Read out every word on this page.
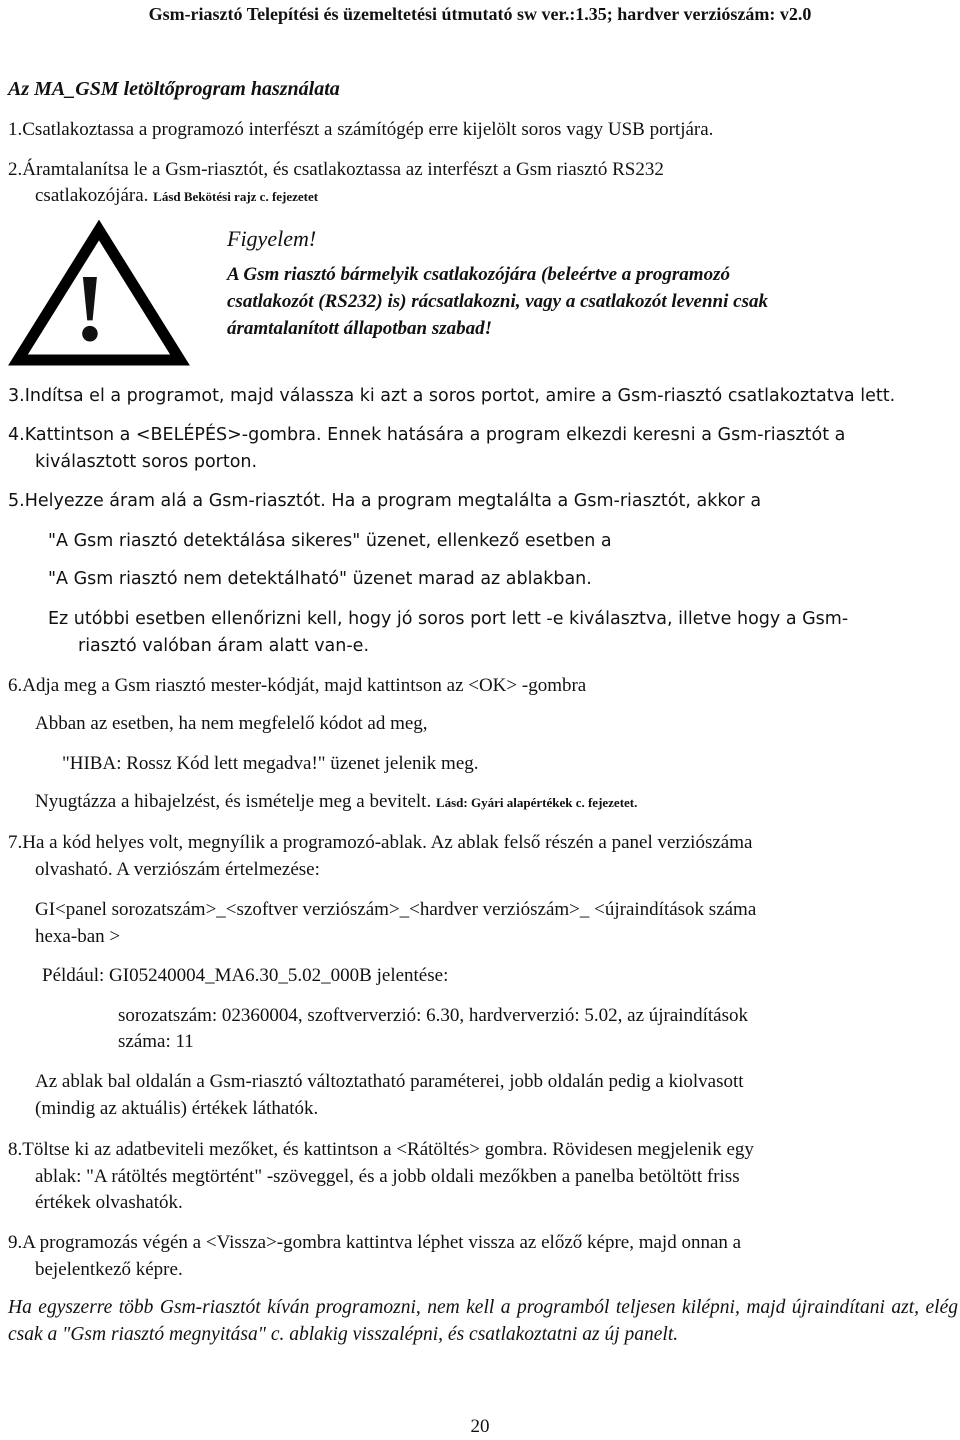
Gsm-riasztó Telepítési és üzemeltetési útmutató sw ver.:1.35; hardver verziószám: v2.0
Az MA_GSM letöltőprogram használata
1.Csatlakoztassa a programozó interfészt a számítógép erre kijelölt soros vagy USB portjára.
2.Áramtalanítsa le a Gsm-riasztót, és csatlakoztassa az interfészt a Gsm riasztó RS232
csatlakozójára. Lásd Bekötési rajz c. fejezetet
!
Figyelem!
A Gsm riasztó bármelyik csatlakozójára (beleértve a programozó
csatlakozót (RS232) is) rácsatlakozni, vagy a csatlakozót levenni csak
áramtalanított állapotban szabad!
3.Indítsa el a programot, majd válassza ki azt a soros portot, amire a Gsm-riasztó csatlakoztatva lett.
4.Kattintson a <BELÉPÉS>-gombra. Ennek hatására a program elkezdi keresni a Gsm-riasztót a
kiválasztott soros porton.
5.Helyezze áram alá a Gsm-riasztót. Ha a program megtalálta a Gsm-riasztót, akkor a
"A Gsm riasztó detektálása sikeres" üzenet, ellenkező esetben a
"A Gsm riasztó nem detektálható" üzenet marad az ablakban.
Ez utóbbi esetben ellenőrizni kell, hogy jó soros port lett -e kiválasztva, illetve hogy a Gsm-
riasztó valóban áram alatt van-e.
6.Adja meg a Gsm riasztó mester-kódját, majd kattintson az <OK> -gombra
Abban az esetben, ha nem megfelelő kódot ad meg,
"HIBA: Rossz Kód lett megadva!" üzenet jelenik meg.
Nyugtázza a hibajelzést, és ismételje meg a bevitelt. Lásd: Gyári alapértékek c. fejezetet.
7.Ha a kód helyes volt, megnyílik a programozó-ablak. Az ablak felső részén a panel verziószáma
olvasható. A verziószám értelmezése:
GI<panel sorozatszám>_<szoftver verziószám>_<hardver verziószám>_ <újraindítások száma
hexa-ban >
Például: GI05240004_MA6.30_5.02_000B jelentése:
sorozatszám: 02360004, szoftververzió: 6.30, hardververzió: 5.02, az újraindítások
száma: 11
Az ablak bal oldalán a Gsm-riasztó változtatható paraméterei, jobb oldalán pedig a kiolvasott
(mindig az aktuális) értékek láthatók.
8.Töltse ki az adatbeviteli mezőket, és kattintson a <Rátöltés> gombra. Rövidesen megjelenik egy
ablak: "A rátöltés megtörtént" -szöveggel, és a jobb oldali mezőkben a panelba betöltött friss
értékek olvashatók.
9.A programozás végén a <Vissza>-gombra kattintva léphet vissza az előző képre, majd onnan a
bejelentkező képre.
Ha egyszerre több Gsm-riasztót kíván programozni, nem kell a programból teljesen kilépni, majd újraindítani azt, elég csak a "Gsm riasztó megnyitása" c. ablakig visszalépni, és csatlakoztatni az új panelt.
20
